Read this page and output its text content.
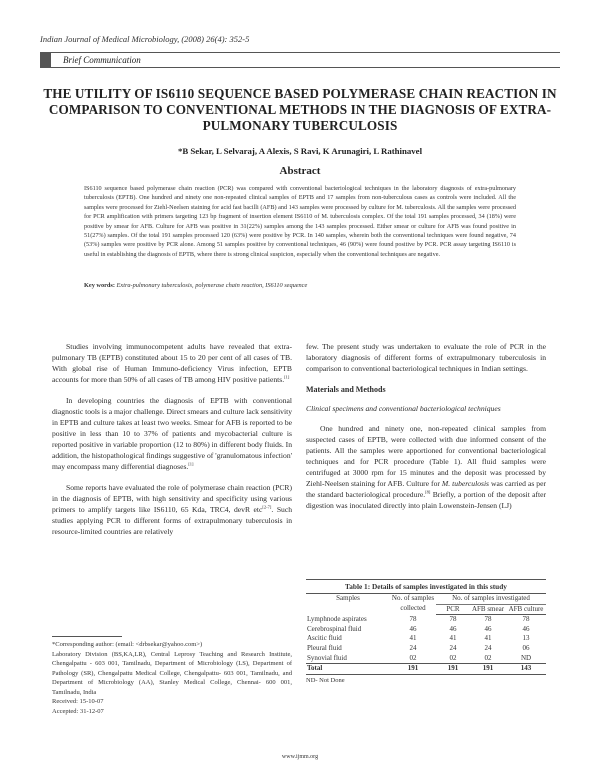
Indian Journal of Medical Microbiology, (2008) 26(4): 352-5
Brief Communication
THE UTILITY OF IS6110 SEQUENCE BASED POLYMERASE CHAIN REACTION IN COMPARISON TO CONVENTIONAL METHODS IN THE DIAGNOSIS OF EXTRA-PULMONARY TUBERCULOSIS
*B Sekar, L Selvaraj, A Alexis, S Ravi, K Arunagiri, L Rathinavel
Abstract
IS6110 sequence based polymerase chain reaction (PCR) was compared with conventional bacteriological techniques in the laboratory diagnosis of extra-pulmonary tuberculosis (EPTB). One hundred and ninety one non-repeated clinical samples of EPTB and 17 samples from non-tuberculous cases as controls were included. All the samples were processed for Ziehl-Neelsen staining for acid fast bacilli (AFB) and 143 samples were processed by culture for M. tuberculosis. All the samples were processed for PCR amplification with primers targeting 123 bp fragment of insertion element IS6110 of M. tuberculosis complex. Of the total 191 samples processed, 34 (18%) were positive by smear for AFB. Culture for AFB was positive in 31(22%) samples among the 143 samples processed. Either smear or culture for AFB was found positive in 51(27%) samples. Of the total 191 samples processed 120 (63%) were positive by PCR. In 140 samples, wherein both the conventional techniques were found negative, 74 (53%) samples were positive by PCR alone. Among 51 samples positive by conventional techniques, 46 (90%) were found positive by PCR. PCR assay targeting IS6110 is useful in establishing the diagnosis of EPTB, where there is strong clinical suspicion, especially when the conventional techniques are negative.
Key words: Extra-pulmonary tuberculosis, polymerase chain reaction, IS6110 sequence

Studies involving immunocompetent adults have revealed that extra-pulmonary TB (EPTB) constituted about 15 to 20 per cent of all cases of TB. With global rise of Human Immuno-deficiency Virus infection, EPTB accounts for more than 50% of all cases of TB among HIV positive patients.[1]

In developing countries the diagnosis of EPTB with conventional diagnostic tools is a major challenge. Direct smears and culture lack sensitivity in EPTB and culture takes at least two weeks. Smear for AFB is reported to be positive in less than 10 to 37% of patients and mycobacterial culture is reported positive in variable proportion (12 to 80%) in different body fluids. In addition, the histopathological findings suggestive of 'granulomatous infection' may encompass many differential diagnoses.[1]

Some reports have evaluated the role of polymerase chain reaction (PCR) in the diagnosis of EPTB, with high sensitivity and specificity using various primers to amplify targets like IS6110, 65 Kda, TRC4, devR etc[2-7]. Such studies applying PCR to different forms of extrapulmonary tuberculosis in resource-limited countries are relatively

*Corresponding author: (email: <drbsekar@yahoo.com>)
Laboratory Division (BS,KA,LR), Central Leprosy Teaching and Research Institute, Chengalpattu - 603 001, Tamilnadu, Department of Microbiology (LS), Department of Pathology (SR), Chengalpattu Medical College, Chengalpattu- 603 001, Tamilnadu, and Department of Microbiology (AA), Stanley Medical College, Chennai- 600 001, Tamilnadu, India
Received: 15-10-07
Accepted: 31-12-07

few. The present study was undertaken to evaluate the role of PCR in the laboratory diagnosis of different forms of extrapulmonary tuberculosis in comparison to conventional bacteriological techniques in Indian settings.

Materials and Methods
Clinical specimens and conventional bacteriological techniques

One hundred and ninety one, non-repeated clinical samples from suspected cases of EPTB, were collected with due informed consent of the patients. All the samples were apportioned for conventional bacteriological techniques and for PCR procedure (Table 1). All fluid samples were centrifuged at 3000 rpm for 15 minutes and the deposit was processed by Ziehl-Neelsen staining for AFB. Culture for M. tuberculosis was carried as per the standard bacteriological procedure.[8] Briefly, a portion of the deposit after digestion was inoculated directly into plain Lowenstein-Jensen (LJ)

Table 1: Details of samples investigated in this study
Samples	No. of samples collected	No. of samples investigated		
		PCR	AFB smear	AFB culture
Lymphnode aspirates	78	78	78	78
Cerebrospinal fluid	46	46	46	46
Ascitic fluid	41	41	41	13
Pleural fluid	24	24	24	06
Synovial fluid	02	02	02	ND
Total	191	191	191	143
ND- Not Done
www.ijmm.org
